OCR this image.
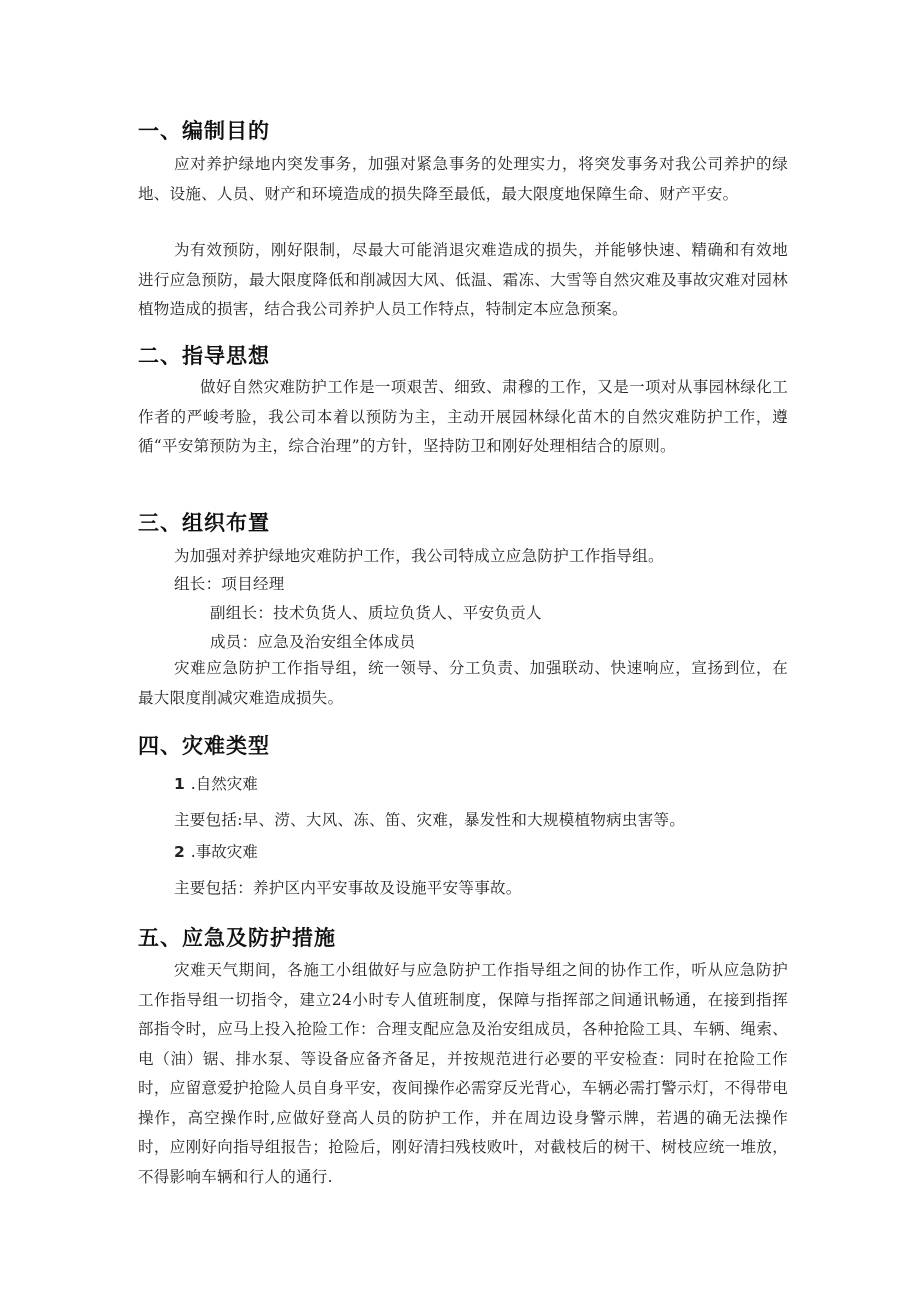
一、编制目的

应对养护绿地内突发事务，加强对紧急事务的处理实力，将突发事务对我公司养护的绿地、设施、人员、财产和环境造成的损失降至最低，最大限度地保障生命、财产平安。

为有效预防，刚好限制，尽最大可能消退灾难造成的损失，并能够快速、精确和有效地进行应急预防，最大限度降低和削减因大风、低温、霜冻、大雪等自然灾难及事故灾难对园林植物造成的损害，结合我公司养护人员工作特点，特制定本应急预案。

二、指导思想

做好自然灾难防护工作是一项艰苦、细致、肃穆的工作，又是一项对从事园林绿化工作者的严峻考脸，我公司本着以预防为主，主动开展园林绿化苗木的自然灾难防护工作，遵循“平安第预防为主，综合治理”的方针，坚持防卫和刚好处理相结合的原则。

三、组织布置

为加强对养护绿地灾难防护工作，我公司特成立应急防护工作指导组。

组长：项目经理

副组长：技术负货人、质垃负货人、平安负贡人

成员：应急及治安组全体成员

灾难应急防护工作指导组，统一领导、分工负责、加强联动、快速响应，宣扬到位，在最大限度削减灾难造成损失。

四、灾难类型

1 .自然灾难

主要包括:早、涝、大风、冻、笛、灾难，暴发性和大规模植物病虫害等。

2 .事故灾难

主要包括：养护区内平安事故及设施平安等事故。

五、应急及防护措施

灾难天气期间，各施工小组做好与应急防护工作指导组之间的协作工作，听从应急防护工作指导组一切指令，建立24小时专人值班制度，保障与指挥部之间通讯畅通，在接到指挥部指令时，应马上投入抢险工作：合理支配应急及治安组成员，各种抢险工具、车辆、绳索、电（油）锯、排水泵、等设备应备齐备足，并按规范进行必要的平安检查：同时在抢险工作时，应留意爱护抢险人员自身平安，夜间操作必需穿反光背心，车辆必需打警示灯，不得带电操作，高空操作时,应做好登高人员的防护工作，并在周边设身警示牌，若遇的确无法操作时，应刚好向指导组报告；抢险后，刚好清扫残枝败叶，对截枝后的树干、树枝应统一堆放，不得影响车辆和行人的通行.
